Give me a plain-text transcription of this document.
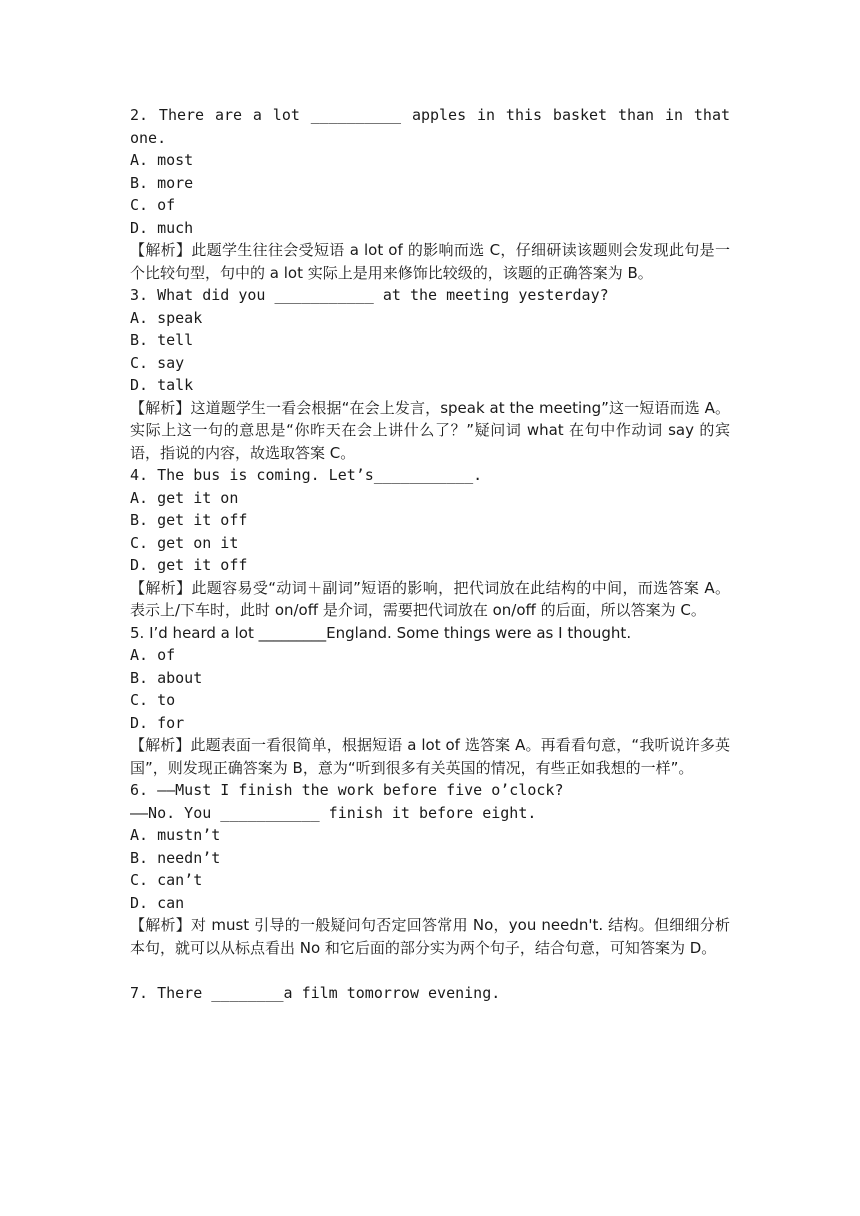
2. There are a lot __________ apples in this basket than in that one.

A. most

B. more

C. of

D. much

【解析】此题学生往往会受短语 a lot of 的影响而选 C，仔细研读该题则会发现此句是一个比较句型，句中的 a lot 实际上是用来修饰比较级的，该题的正确答案为 B。

3. What did you ___________ at the meeting yesterday?

A. speak

B. tell

C. say

D. talk

【解析】这道题学生一看会根据“在会上发言，speak at the meeting”这一短语而选 A。实际上这一句的意思是“你昨天在会上讲什么了？”疑问词 what 在句中作动词 say 的宾语，指说的内容，故选取答案 C。

4. The bus is coming. Let’s___________.

A. get it on

B. get it off

C. get on it

D. get it off

【解析】此题容易受“动词＋副词”短语的影响，把代词放在此结构的中间，而选答案 A。表示上/下车时，此时 on/off 是介词，需要把代词放在 on/off 的后面，所以答案为 C。

5. I’d heard a lot _________England. Some things were as I thought.

A. of

B. about

C. to

D. for

【解析】此题表面一看很简单，根据短语 a lot of 选答案 A。再看看句意，“我听说许多英国”，则发现正确答案为 B，意为“听到很多有关英国的情况，有些正如我想的一样”。

6. ——Must I finish the work before five o’clock?

——No. You ___________ finish it before eight.

A. mustn’t

B. needn’t

C. can’t

D. can

【解析】对 must 引导的一般疑问句否定回答常用 No，you needn't. 结构。但细细分析本句，就可以从标点看出 No 和它后面的部分实为两个句子，结合句意，可知答案为 D。

7. There ________a film tomorrow evening.
